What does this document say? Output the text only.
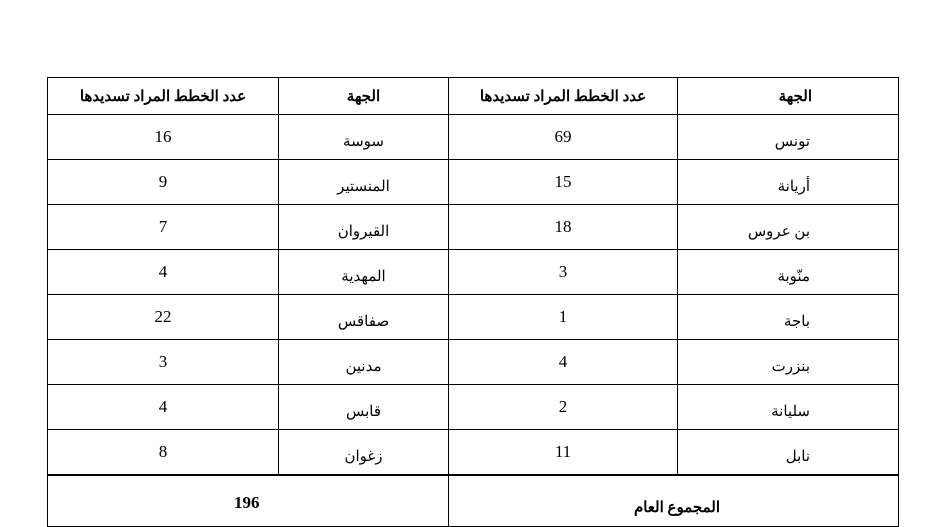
عدد الخطط المراد تسديدها	الجهة	عدد الخطط المراد تسديدها	الجهة
16	سوسة	69	تونس
9	المنستير	15	أريانة
7	القيروان	18	بن عروس
4	المهدية	3	منّوبة
22	صفاقس	1	باجة
3	مدنين	4	بنزرت
4	قابس	2	سليانة
8	زغوان	11	نابل
196		المجموع العام	
